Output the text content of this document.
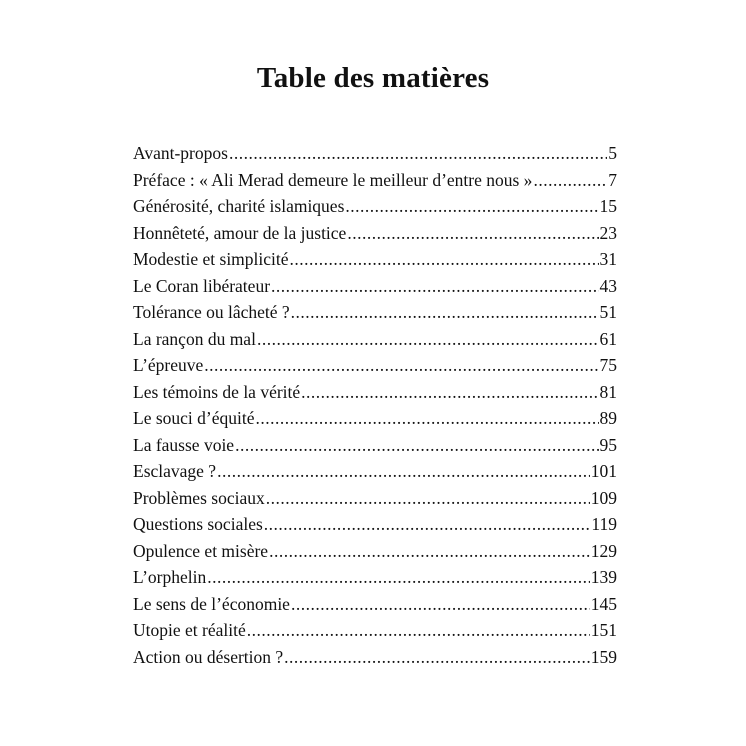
Table des matières
Avant-propos .....	5
Préface : « Ali Merad demeure le meilleur d’entre nous » .....	7
Générosité, charité islamiques .....	15
Honnêteté, amour de la justice .....	23
Modestie et simplicité .....	31
Le Coran libérateur .....	43
Tolérance ou lâcheté ? .....	51
La rançon du mal .....	61
L’épreuve .....	75
Les témoins de la vérité .....	81
Le souci d’équité .....	89
La fausse voie .....	95
Esclavage ? .....	101
Problèmes sociaux .....	109
Questions sociales .....	119
Opulence et misère .....	129
L’orphelin .....	139
Le sens de l’économie .....	145
Utopie et réalité .....	151
Action ou désertion ? .....	159
